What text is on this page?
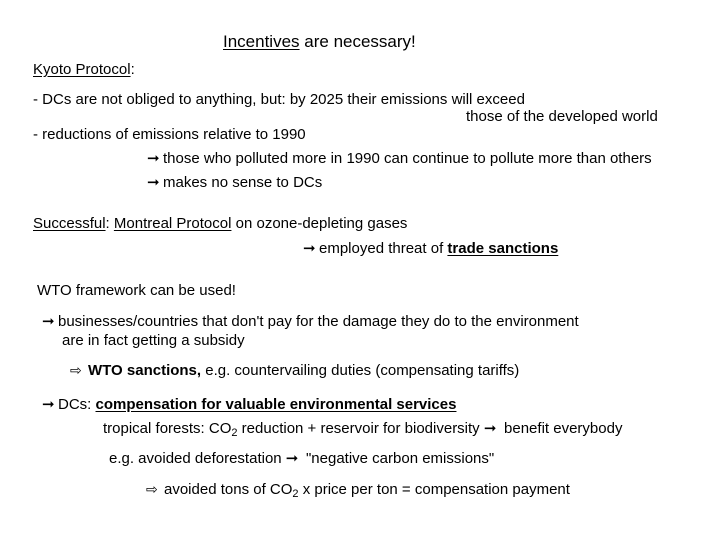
Incentives are necessary!
Kyoto Protocol:
- DCs are not obliged to anything, but: by 2025 their emissions will exceed
those of the developed world
- reductions of emissions relative to 1990
➞ those who polluted more in 1990 can continue to pollute more than others
➞ makes no sense to DCs
Successful: Montreal Protocol on ozone-depleting gases
➞ employed threat of trade sanctions
WTO framework can be used!
➞ businesses/countries that don't pay for the damage they do to the environment
are in fact getting a subsidy
⇨ WTO sanctions, e.g. countervailing duties (compensating tariffs)
➞ DCs: compensation for valuable environmental services
tropical forests: $CO_2$ reduction + reservoir for biodiversity ➞ benefit everybody
e.g. avoided deforestation ➞ "negative carbon emissions"
⇨ avoided tons of $CO_2$ x price per ton = compensation payment
